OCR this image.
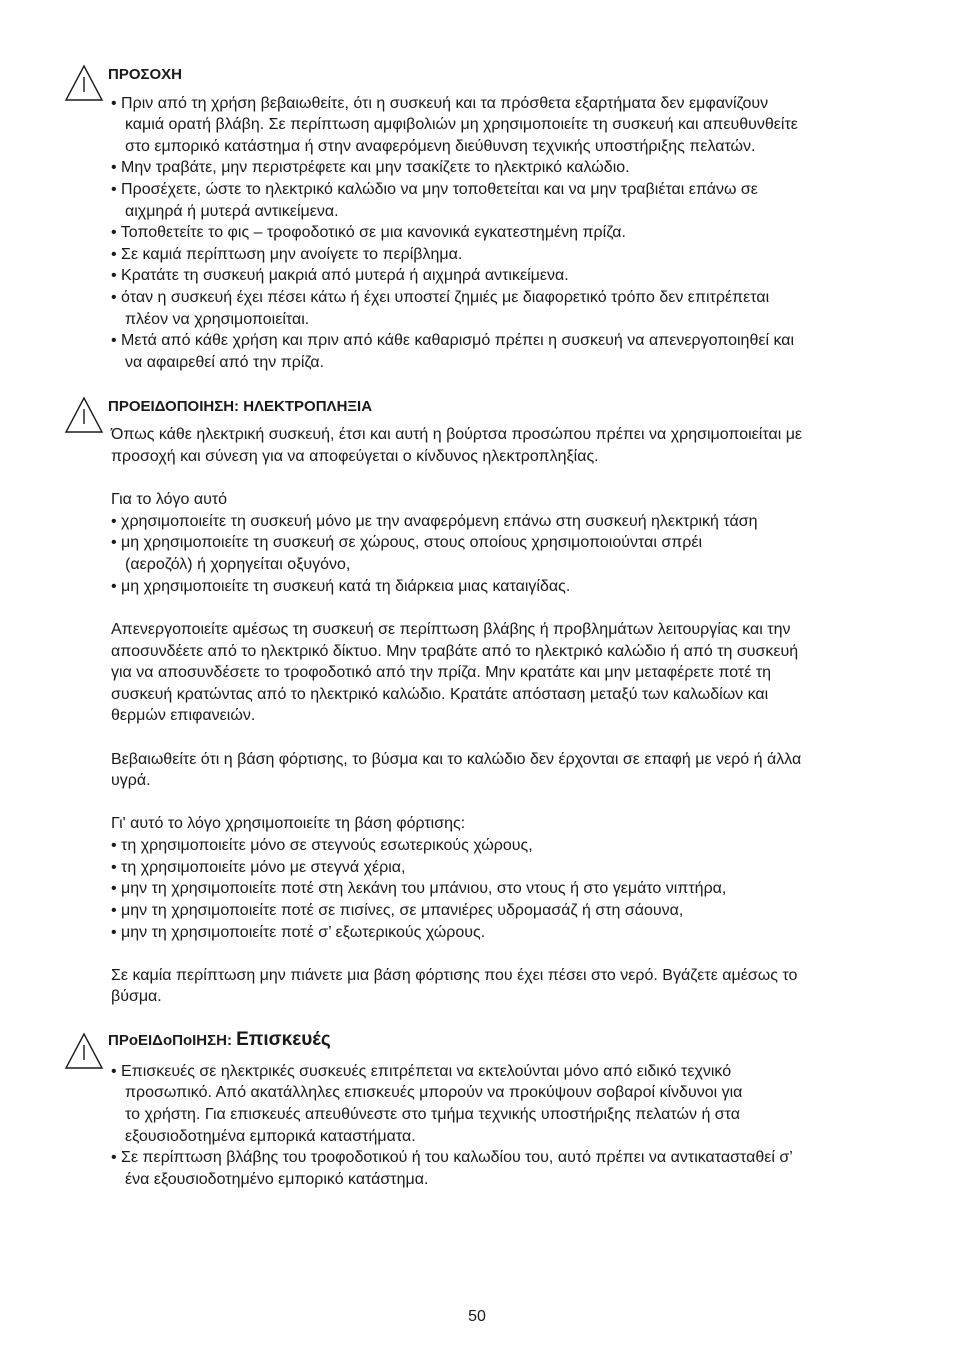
ΠΡΟΣΟΧΗ
• Πριν από τη χρήση βεβαιωθείτε, ότι η συσκευή και τα πρόσθετα εξαρτήματα δεν εμφανίζουν
καμιά ορατή βλάβη. Σε περίπτωση αμφιβολιών μη χρησιμοποιείτε τη συσκευή και απευθυνθείτε
στο εμπορικό κατάστημα ή στην αναφερόμενη διεύθυνση τεχνικής υποστήριξης πελατών.
• Μην τραβάτε, μην περιστρέφετε και μην τσακίζετε το ηλεκτρικό καλώδιο.
• Προσέχετε, ώστε το ηλεκτρικό καλώδιο να μην τοποθετείται και να μην τραβιέται επάνω σε
αιχμηρά ή μυτερά αντικείμενα.
• Τοποθετείτε το φις – τροφοδοτικό σε μια κανονικά εγκατεστημένη πρίζα.
• Σε καμιά περίπτωση μην ανοίγετε το περίβλημα.
• Κρατάτε τη συσκευή μακριά από μυτερά ή αιχμηρά αντικείμενα.
• όταν η συσκευή έχει πέσει κάτω ή έχει υποστεί ζημιές με διαφορετικό τρόπο δεν επιτρέπεται
πλέον να χρησιμοποιείται.
• Μετά από κάθε χρήση και πριν από κάθε καθαρισμό πρέπει η συσκευή να απενεργοποιηθεί και
να αφαιρεθεί από την πρίζα.
ΠΡΟΕΙΔΟΠΟΙΗΣΗ: ΗΛΕΚΤΡΟΠΛΗΞΙΑ
Όπως κάθε ηλεκτρική συσκευή, έτσι και αυτή η βούρτσα προσώπου πρέπει να χρησιμοποιείται με
προσοχή και σύνεση για να αποφεύγεται ο κίνδυνος ηλεκτροπληξίας.
Για το λόγο αυτό
• χρησιμοποιείτε τη συσκευή μόνο με την αναφερόμενη επάνω στη συσκευή ηλεκτρική τάση
• μη χρησιμοποιείτε τη συσκευή σε χώρους, στους οποίους χρησιμοποιούνται σπρέι
(αεροζόλ) ή χορηγείται οξυγόνο,
• μη χρησιμοποιείτε τη συσκευή κατά τη διάρκεια μιας καταιγίδας.
Απενεργοποιείτε αμέσως τη συσκευή σε περίπτωση βλάβης ή προβλημάτων λειτουργίας και την
αποσυνδέετε από το ηλεκτρικό δίκτυο. Μην τραβάτε από το ηλεκτρικό καλώδιο ή από τη συσκευή
για να αποσυνδέσετε το τροφοδοτικό από την πρίζα. Μην κρατάτε και μην μεταφέρετε ποτέ τη
συσκευή κρατώντας από το ηλεκτρικό καλώδιο. Κρατάτε απόσταση μεταξύ των καλωδίων και
θερμών επιφανειών.
Βεβαιωθείτε ότι η βάση φόρτισης, το βύσμα και το καλώδιο δεν έρχονται σε επαφή με νερό ή άλλα
υγρά.
Γι' αυτό το λόγο χρησιμοποιείτε τη βάση φόρτισης:
• τη χρησιμοποιείτε μόνο σε στεγνούς εσωτερικούς χώρους,
• τη χρησιμοποιείτε μόνο με στεγνά χέρια,
• μην τη χρησιμοποιείτε ποτέ στη λεκάνη του μπάνιου, στο ντους ή στο γεμάτο νιπτήρα,
• μην τη χρησιμοποιείτε ποτέ σε πισίνες, σε μπανιέρες υδρομασάζ ή στη σάουνα,
• μην τη χρησιμοποιείτε ποτέ σ’ εξωτερικούς χώρους.
Σε καμία περίπτωση μην πιάνετε μια βάση φόρτισης που έχει πέσει στο νερό. Βγάζετε αμέσως το
βύσμα.
ΠΡοΕΙΔοΠοΙΗΣΗ: Επισκευές
• Επισκευές σε ηλεκτρικές συσκευές επιτρέπεται να εκτελούνται μόνο από ειδικό τεχνικό
προσωπικό. Από ακατάλληλες επισκευές μπορούν να προκύψουν σοβαροί κίνδυνοι για
το χρήστη. Για επισκευές απευθύνεστε στο τμήμα τεχνικής υποστήριξης πελατών ή στα
εξουσιοδοτημένα εμπορικά καταστήματα.
• Σε περίπτωση βλάβης του τροφοδοτικού ή του καλωδίου του, αυτό πρέπει να αντικατασταθεί σ’
ένα εξουσιοδοτημένο εμπορικό κατάστημα.
50
